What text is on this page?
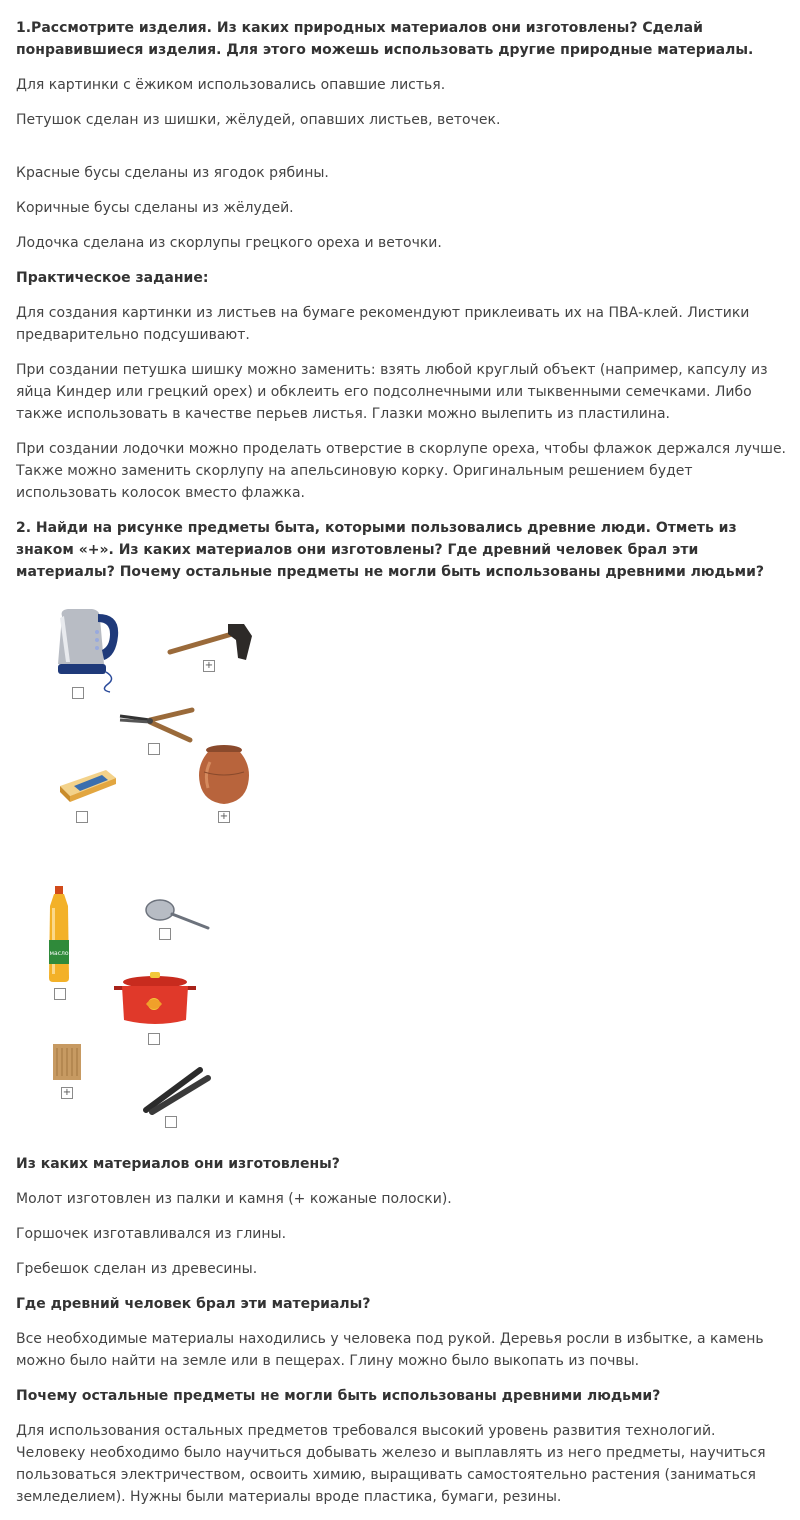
1.Рассмотрите изделия. Из каких природных материалов они изготовлены? Сделай понравившиеся изделия. Для этого можешь использовать другие природные материалы.

Для картинки с ёжиком использовались опавшие листья.

Петушок сделан из шишки, жёлудей, опавших листьев, веточек.

Красные бусы сделаны из ягодок рябины.

Коричные бусы сделаны из жёлудей.

Лодочка сделана из скорлупы грецкого ореха и веточки.

Практическое задание:

Для создания картинки из листьев на бумаге рекомендуют приклеивать их на ПВА-клей. Листики предварительно подсушивают.

При создании петушка шишку можно заменить: взять любой круглый объект (например, капсулу из яйца Киндер или грецкий орех) и обклеить его подсолнечными или тыквенными семечками. Либо также использовать в качестве перьев листья. Глазки можно вылепить из пластилина.

При создании лодочки можно проделать отверстие в скорлупе ореха, чтобы флажок держался лучше. Также можно заменить скорлупу на апельсиновую корку. Оригинальным решением будет использовать колосок вместо флажка.

2. Найди на рисунке предметы быта, которыми пользовались древние люди. Отметь из знаком «+». Из каких материалов они изготовлены? Где древний человек брал эти материалы? Почему остальные предметы не могли быть использованы древними людьми?

+
+
масло
+

Из каких материалов они изготовлены?

Молот изготовлен из палки и камня (+ кожаные полоски).

Горшочек изготавливался из глины.

Гребешок сделан из древесины.

Где древний человек брал эти материалы?

Все необходимые материалы находились у человека под рукой. Деревья росли в избытке, а камень можно было найти на земле или в пещерах. Глину можно было выкопать из почвы.

Почему остальные предметы не могли быть использованы древними людьми?

Для использования остальных предметов требовался высокий уровень развития технологий. Человеку необходимо было научиться добывать железо и выплавлять из него предметы, научиться пользоваться электричеством, освоить химию, выращивать самостоятельно растения (заниматься земледелием). Нужны были материалы вроде пластика, бумаги, резины.
